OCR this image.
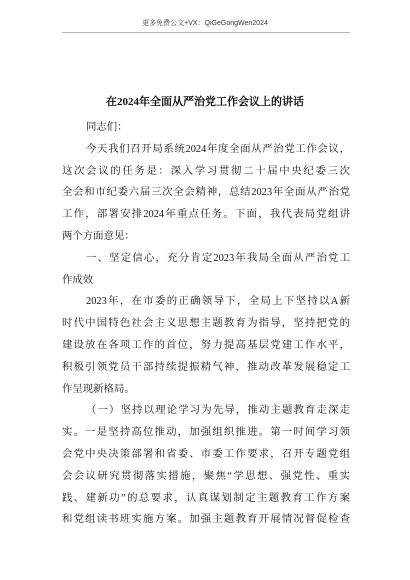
更多免费公文+VX：QiGeGongWen2024
在2024年全面从严治党工作会议上的讲话
同志们：
今天我们召开局系统2024年度全面从严治党工作会议，
这次会议的任务是：深入学习贯彻二十届中央纪委三次
全会和市纪委六届三次全会精神，总结2023年全面从严治党
工作，部署安排2024年重点任务。下面，我代表局党组讲
两个方面意见：
一、坚定信心，充分肯定2023年我局全面从严治党工
作成效
2023年，在市委的正确领导下，全局上下坚持以A新
时代中国特色社会主义思想主题教育为指导，坚持把党的
建设放在各项工作的首位，努力提高基层党建工作水平，
积极引领党员干部持续提振精气神，推动改革发展稳定工
作呈现新格局。
（一）坚持以理论学习为先导，推动主题教育走深走
实。一是坚持高位推动，加强组织推进。第一时间学习领
会党中央决策部署和省委、市委工作要求，召开专题党组
会会议研究贯彻落实措施，聚焦“学思想、强党性、重实
践、建新功”的总要求，认真谋划制定主题教育工作方案
和党组读书班实施方案。加强主题教育开展情况督促检查
